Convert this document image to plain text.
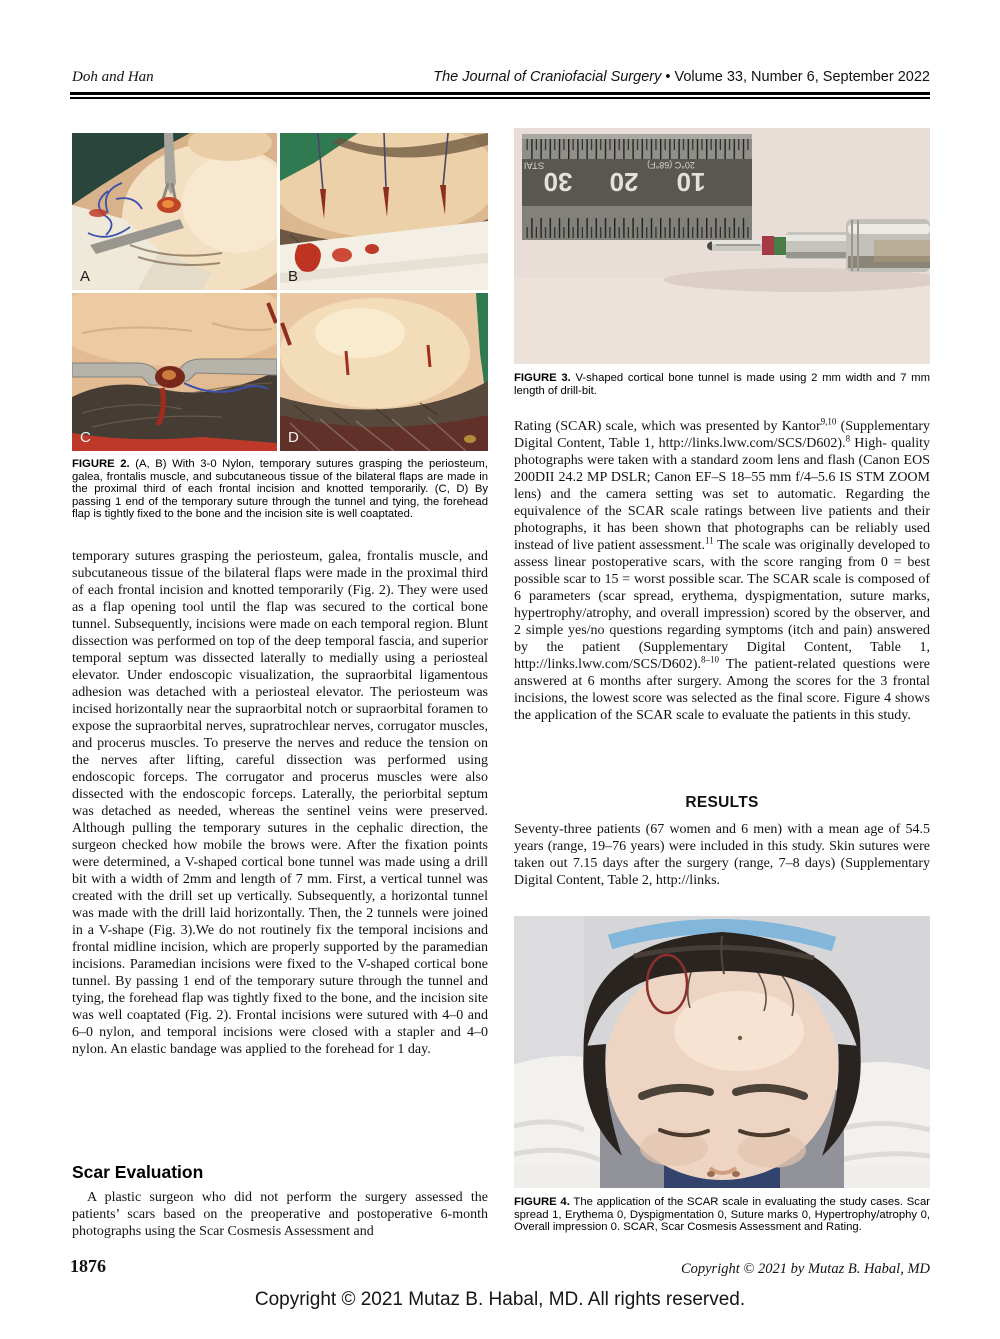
Doh and Han	The Journal of Craniofacial Surgery • Volume 33, Number 6, September 2022
A	B
C	D
FIGURE 2. (A, B) With 3-0 Nylon, temporary sutures grasping the periosteum, galea, frontalis muscle, and subcutaneous tissue of the bilateral flaps are made in the proximal third of each frontal incision and knotted temporarily. (C, D) By passing 1 end of the temporary suture through the tunnel and tying, the forehead flap is tightly fixed to the bone and the incision site is well coaptated.
temporary sutures grasping the periosteum, galea, frontalis muscle, and subcutaneous tissue of the bilateral flaps were made in the proximal third of each frontal incision and knotted temporarily (Fig. 2). They were used as a flap opening tool until the flap was secured to the cortical bone tunnel. Subsequently, incisions were made on each temporal region. Blunt dissection was performed on top of the deep temporal fascia, and superior temporal septum was dissected laterally to medially using a periosteal elevator. Under endoscopic visualization, the supraorbital ligamentous adhesion was detached with a periosteal elevator. The periosteum was incised horizontally near the supraorbital notch or supraorbital foramen to expose the supraorbital nerves, supratrochlear nerves, corrugator muscles, and procerus muscles. To preserve the nerves and reduce the tension on the nerves after lifting, careful dissection was performed using endoscopic forceps. The corrugator and procerus muscles were also dissected with the endoscopic forceps. Laterally, the periorbital septum was detached as needed, whereas the sentinel veins were preserved. Although pulling the temporary sutures in the cephalic direction, the surgeon checked how mobile the brows were. After the fixation points were determined, a V-shaped cortical bone tunnel was made using a drill bit with a width of 2mm and length of 7 mm. First, a vertical tunnel was created with the drill set up vertically. Subsequently, a horizontal tunnel was made with the drill laid horizontally. Then, the 2 tunnels were joined in a V-shape (Fig. 3).We do not routinely fix the temporal incisions and frontal midline incision, which are properly supported by the paramedian incisions. Paramedian incisions were fixed to the V-shaped cortical bone tunnel. By passing 1 end of the temporary suture through the tunnel and tying, the forehead flap was tightly fixed to the bone, and the incision site was well coaptated (Fig. 2). Frontal incisions were sutured with 4–0 and 6–0 nylon, and temporal incisions were closed with a stapler and 4–0 nylon. An elastic bandage was applied to the forehead for 1 day.
Scar Evaluation
A plastic surgeon who did not perform the surgery assessed the patients’ scars based on the preoperative and postoperative 6-month photographs using the Scar Cosmesis Assessment and
30 20 10
20°C (68°F)
STAI
FIGURE 3. V-shaped cortical bone tunnel is made using 2 mm width and 7 mm length of drill-bit.
Rating (SCAR) scale, which was presented by Kantor$^{9,10}$ (Supplementary Digital Content, Table 1, http://links.lww.com/SCS/D602).$^8$ High- quality photographs were taken with a standard zoom lens and flash (Canon EOS 200DII 24.2 MP DSLR; Canon EF–S 18–55 mm f/4–5.6 IS STM ZOOM lens) and the camera setting was set to automatic. Regarding the equivalence of the SCAR scale ratings between live patients and their photographs, it has been shown that photographs can be reliably used instead of live patient assessment.$^{11}$ The scale was originally developed to assess linear postoperative scars, with the score ranging from 0 = best possible scar to 15 = worst possible scar. The SCAR scale is composed of 6 parameters (scar spread, erythema, dyspigmentation, suture marks, hypertrophy/atrophy, and overall impression) scored by the observer, and 2 simple yes/no questions regarding symptoms (itch and pain) answered by the patient (Supplementary Digital Content, Table 1, http://links.lww.com/SCS/D602).$^{8-10}$ The patient-related questions were answered at 6 months after surgery. Among the scores for the 3 frontal incisions, the lowest score was selected as the final score. Figure 4 shows the application of the SCAR scale to evaluate the patients in this study.
RESULTS
Seventy-three patients (67 women and 6 men) with a mean age of 54.5 years (range, 19–76 years) were included in this study. Skin sutures were taken out 7.15 days after the surgery (range, 7–8 days) (Supplementary Digital Content, Table 2, http://links.
FIGURE 4. The application of the SCAR scale in evaluating the study cases. Scar spread 1, Erythema 0, Dyspigmentation 0, Suture marks 0, Hypertrophy/atrophy 0, Overall impression 0. SCAR, Scar Cosmesis Assessment and Rating.
1876	Copyright © 2021 by Mutaz B. Habal, MD
Copyright © 2021 Mutaz B. Habal, MD. All rights reserved.
